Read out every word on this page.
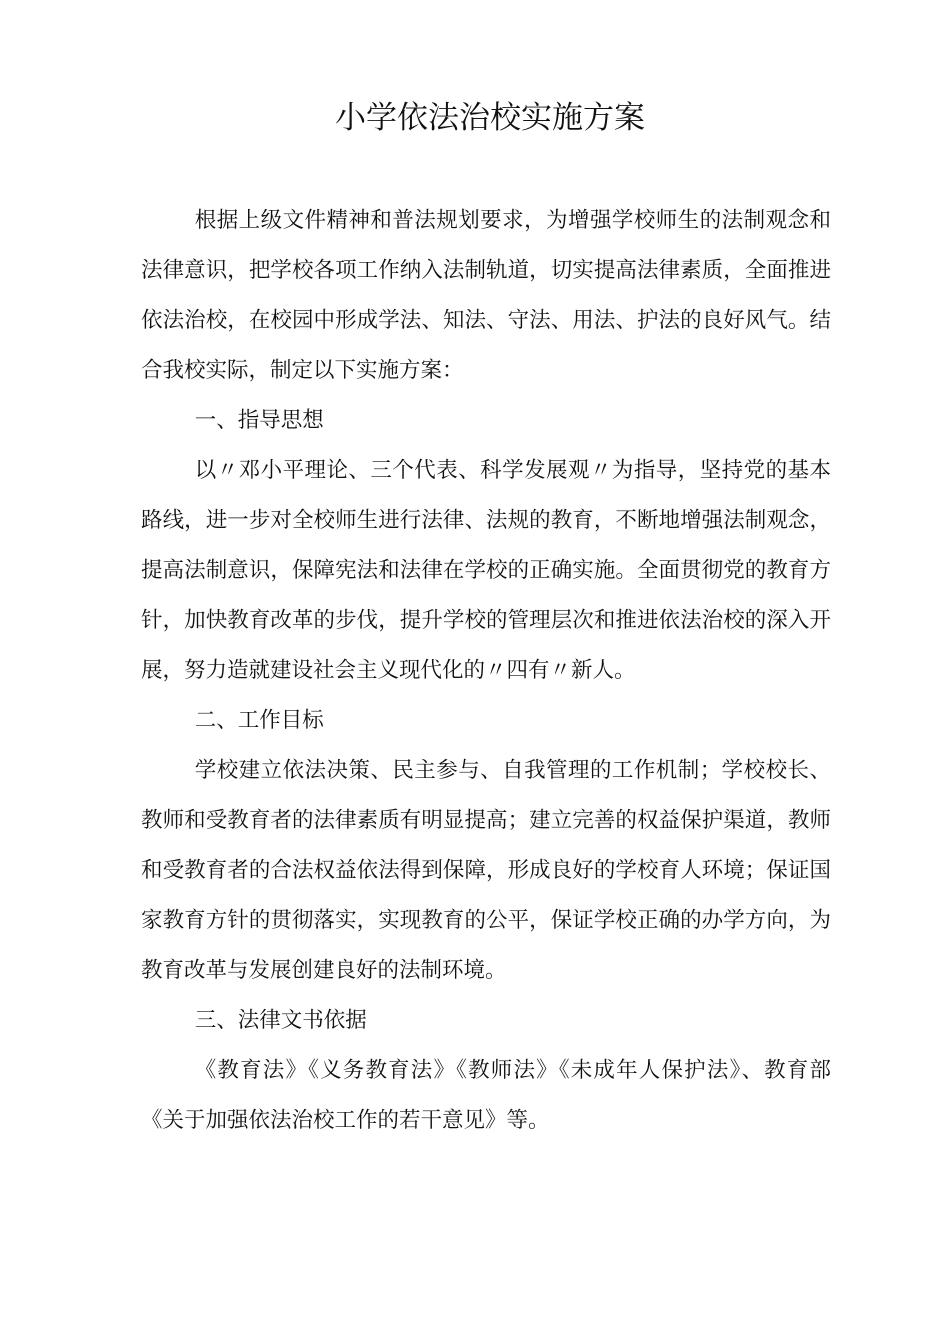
小学依法治校实施方案

根据上级文件精神和普法规划要求，为增强学校师生的法制观念和法律意识，把学校各项工作纳入法制轨道，切实提高法律素质，全面推进依法治校，在校园中形成学法、知法、守法、用法、护法的良好风气。结合我校实际，制定以下实施方案：

一、指导思想

以〃邓小平理论、三个代表、科学发展观〃为指导，坚持党的基本路线，进一步对全校师生进行法律、法规的教育，不断地增强法制观念，提高法制意识，保障宪法和法律在学校的正确实施。全面贯彻党的教育方针，加快教育改革的步伐，提升学校的管理层次和推进依法治校的深入开展，努力造就建设社会主义现代化的〃四有〃新人。

二、工作目标

学校建立依法决策、民主参与、自我管理的工作机制；学校校长、教师和受教育者的法律素质有明显提高；建立完善的权益保护渠道，教师和受教育者的合法权益依法得到保障，形成良好的学校育人环境；保证国家教育方针的贯彻落实，实现教育的公平，保证学校正确的办学方向，为教育改革与发展创建良好的法制环境。

三、法律文书依据

《教育法》《义务教育法》《教师法》《未成年人保护法》、教育部《关于加强依法治校工作的若干意见》等。
